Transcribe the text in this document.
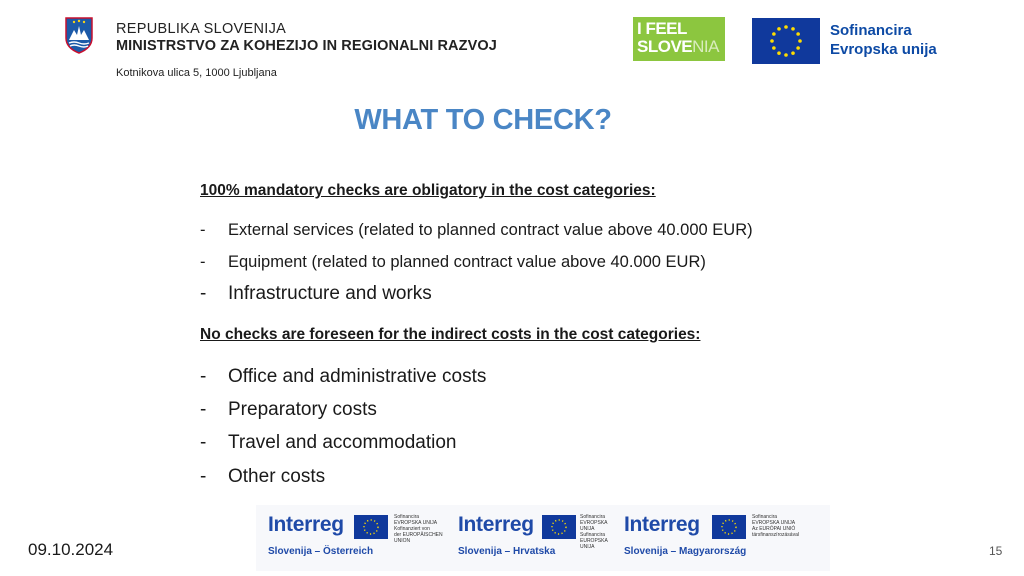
REPUBLIKA SLOVENIJA
MINISTRSTVO ZA KOHEZIJO IN REGIONALNI RAZVOJ
Kotnikova ulica 5, 1000 Ljubljana
I FEEL
SLOVENIA
Sofinancira
Evropska unija
WHAT TO CHECK?
100% mandatory checks are obligatory in the cost categories:
- External services (related to planned contract value above 40.000 EUR)
- Equipment (related to planned contract value above 40.000 EUR)
- Infrastructure and works
No checks are foreseen for the indirect costs in the cost categories:
- Office and administrative costs
- Preparatory costs
- Travel and accommodation
- Other costs
Interreg	Sofinancira
EVROPSKA UNIJA
Kofinanziert von
der EUROPÄISCHEN UNION
Slovenija – Österreich
Interreg	Sofinancira
EVROPSKA UNIJA
Sufinancira
EUROPSKA UNIJA
Slovenija – Hrvatska
Interreg	Sofinancira
EVROPSKA UNIJA
Az EURÓPAI UNIÓ
társfinanszírozásával
Slovenija – Magyarország
09.10.2024	15
